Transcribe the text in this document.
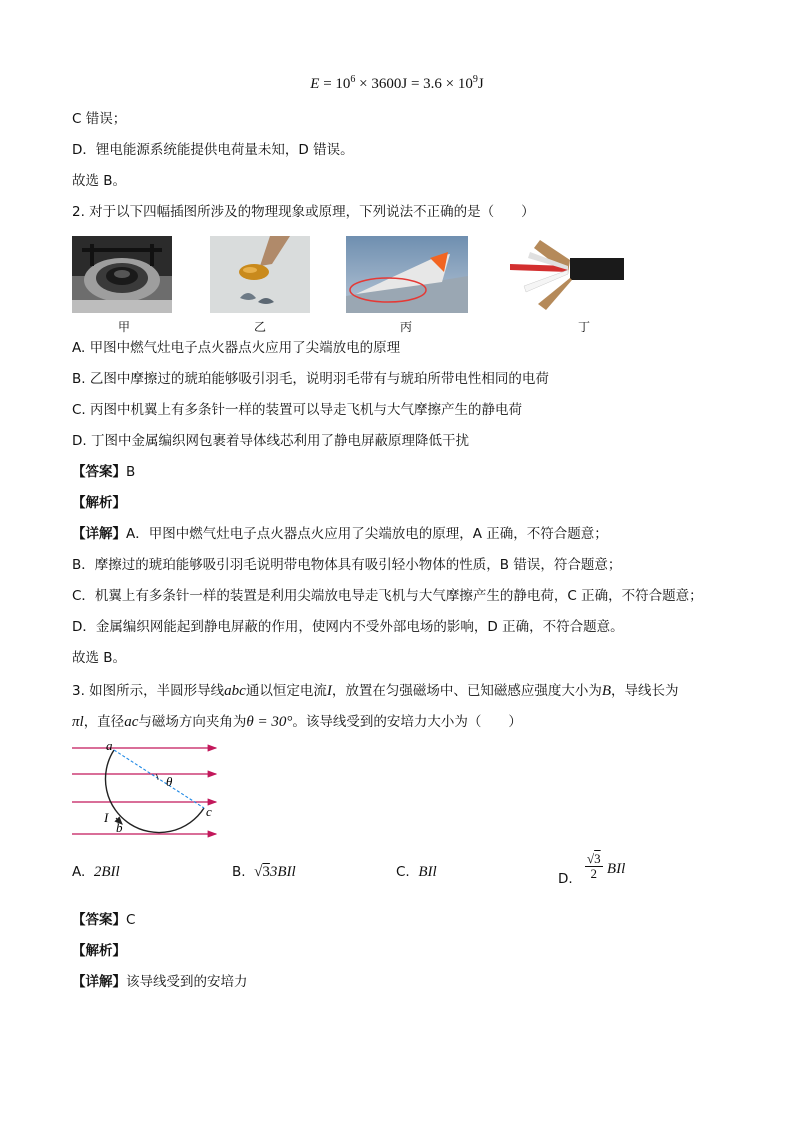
$E = 10^6 \times 3600J = 3.6 \times 10^9J$
C 错误；
D．锂电能源系统能提供电荷量未知，D 错误。
故选 B。
2. 对于以下四幅插图所涉及的物理现象或原理，下列说法不正确的是（　　）
甲	乙	丙	丁
A. 甲图中燃气灶电子点火器点火应用了尖端放电的原理
B. 乙图中摩擦过的琥珀能够吸引羽毛，说明羽毛带有与琥珀所带电性相同的电荷
C. 丙图中机翼上有多条针一样的装置可以导走飞机与大气摩擦产生的静电荷
D. 丁图中金属编织网包裹着导体线芯利用了静电屏蔽原理降低干扰
【答案】B
【解析】
【详解】A．甲图中燃气灶电子点火器点火应用了尖端放电的原理，A 正确，不符合题意；
B．摩擦过的琥珀能够吸引羽毛说明带电物体具有吸引轻小物体的性质，B 错误，符合题意；
C．机翼上有多条针一样的装置是利用尖端放电导走飞机与大气摩擦产生的静电荷，C 正确，不符合题意；
D．金属编织网能起到静电屏蔽的作用，使网内不受外部电场的影响，D 正确，不符合题意。
故选 B。
3. 如图所示，半圆形导线abc通以恒定电流I，放置在匀强磁场中、已知磁感应强度大小为B，导线长为
πl，直径ac与磁场方向夹角为θ = 30°。该导线受到的安培力大小为（　　）
a
θ
I
b
c
A. 2BIl	B. √33BIl	C. BIl	D. $\frac{√3}{2}$ BIl
【答案】C
【解析】
【详解】该导线受到的安培力
